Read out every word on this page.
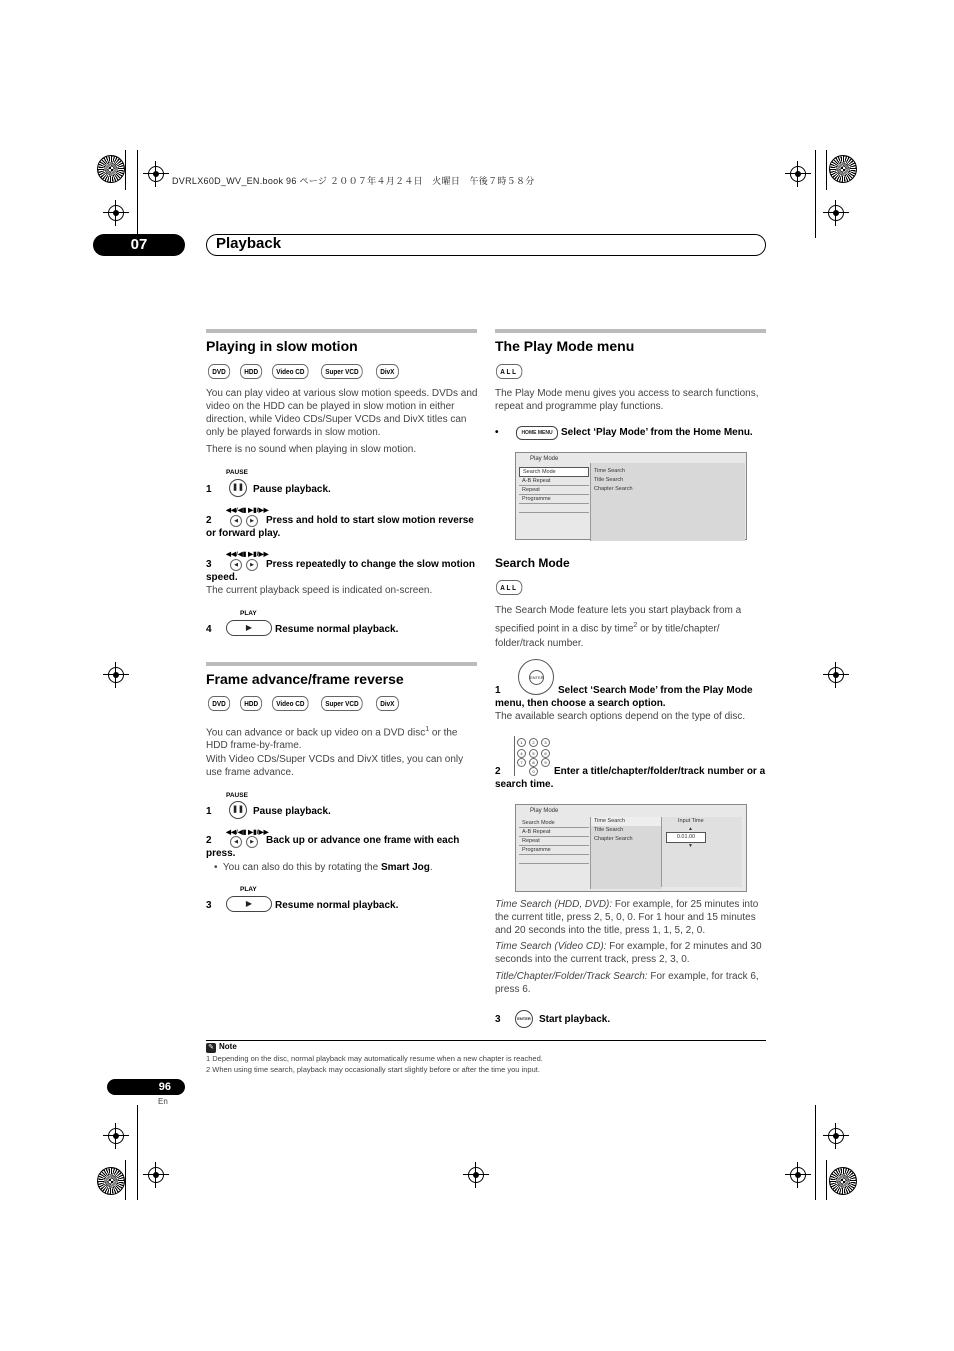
DVRLX60D_WV_EN.book 96 ページ ２００７年４月２４日　火曜日　午後７時５８分
07	Playback
Playing in slow motion
DVD	HDD	Video CD	Super VCD	DivX

You can play video at various slow motion speeds. DVDs and video on the HDD can be played in slow motion in either direction, while Video CDs/Super VCDs and DivX titles can only be played forwards in slow motion.

There is no sound when playing in slow motion.

PAUSE
❚❚
1	Pause playback.
◀◀/◀▮ ▶▮/▶▶
◀	▶
2	Press and hold to start slow motion reverse or forward play.
◀◀/◀▮ ▶▮/▶▶
◀	▶
3	Press repeatedly to change the slow motion speed.

The current playback speed is indicated on-screen.

PLAY
▶
4	Resume normal playback.
Frame advance/frame reverse
DVD	HDD	Video CD	Super VCD	DivX

You can advance or back up video on a DVD disc$^1$ or the HDD frame-by-frame.

With Video CDs/Super VCDs and DivX titles, you can only use frame advance.

PAUSE
❚❚
1	Pause playback.
◀◀/◀▮ ▶▮/▶▶
◀	▶
2	Back up or advance one frame with each press.

•  You can also do this by rotating the Smart Jog.

PLAY
▶
3	Resume normal playback.
The Play Mode menu
ALL

The Play Mode menu gives you access to search functions, repeat and programme play functions.

•	HOME MENU Select ‘Play Mode’ from the Home Menu.
Play Mode
Search Mode
A-B Repeat
Repeat
Programme
Time Search
Title Search
Chapter Search
Search Mode
ALL

The Search Mode feature lets you start playback from a specified point in a disc by time$^2$ or by title/chapter/ folder/track number.

ENTER
1	Select ‘Search Mode’ from the Play Mode menu, then choose a search option.

The available search options depend on the type of disc.

1	2	3
4	5	6
7	8	9
0
2	Enter a title/chapter/folder/track number or a search time.
Play Mode
Search Mode
A-B Repeat
Repeat
Programme
Time Search
Title Search
Chapter Search
Input Time
▲
0.01.00
▼

Time Search (HDD, DVD): For example, for 25 minutes into the current title, press 2, 5, 0, 0. For 1 hour and 15 minutes and 20 seconds into the title, press 1, 1, 5, 2, 0.

Time Search (Video CD): For example, for 2 minutes and 30 seconds into the current track, press 2, 3, 0.

Title/Chapter/Folder/Track Search: For example, for track 6, press 6.

ENTER
3	Start playback.
✎ Note
1 Depending on the disc, normal playback may automatically resume when a new chapter is reached.
2 When using time search, playback may occasionally start slightly before or after the time you input.
96
En
